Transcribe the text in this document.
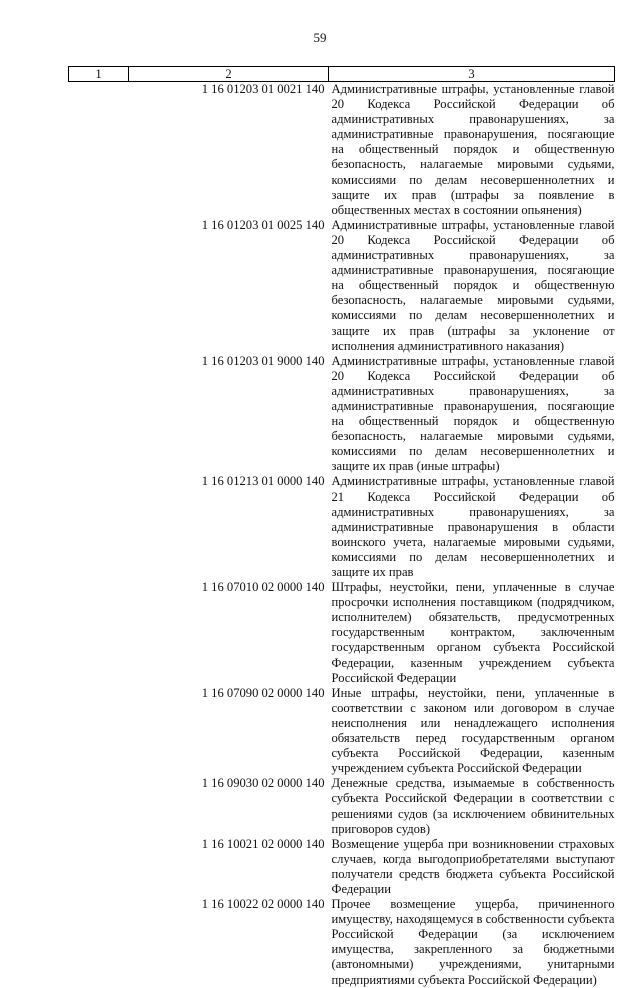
59
1	2	3
	1 16 01203 01 0021 140	Административные штрафы, установленные главой 20 Кодекса Российской Федерации об административных правонарушениях, за административные правонарушения, посягающие на общественный порядок и общественную безопасность, налагаемые мировыми судьями, комиссиями по делам несовершеннолетних и защите их прав (штрафы за появление в общественных местах в состоянии опьянения)
	1 16 01203 01 0025 140	Административные штрафы, установленные главой 20 Кодекса Российской Федерации об административных правонарушениях, за административные правонарушения, посягающие на общественный порядок и общественную безопасность, налагаемые мировыми судьями, комиссиями по делам несовершеннолетних и защите их прав (штрафы за уклонение от исполнения административного наказания)
	1 16 01203 01 9000 140	Административные штрафы, установленные главой 20 Кодекса Российской Федерации об административных правонарушениях, за административные правонарушения, посягающие на общественный порядок и общественную безопасность, налагаемые мировыми судьями, комиссиями по делам несовершеннолетних и защите их прав (иные штрафы)
	1 16 01213 01 0000 140	Административные штрафы, установленные главой 21 Кодекса Российской Федерации об административных правонарушениях, за административные правонарушения в области воинского учета, налагаемые мировыми судьями, комиссиями по делам несовершеннолетних и защите их прав
	1 16 07010 02 0000 140	Штрафы, неустойки, пени, уплаченные в случае просрочки исполнения поставщиком (подрядчиком, исполнителем) обязательств, предусмотренных государственным контрактом, заключенным государственным органом субъекта Российской Федерации, казенным учреждением субъекта Российской Федерации
	1 16 07090 02 0000 140	Иные штрафы, неустойки, пени, уплаченные в соответствии с законом или договором в случае неисполнения или ненадлежащего исполнения обязательств перед государственным органом субъекта Российской Федерации, казенным учреждением субъекта Российской Федерации
	1 16 09030 02 0000 140	Денежные средства, изымаемые в собственность субъекта Российской Федерации в соответствии с решениями судов (за исключением обвинительных приговоров судов)
	1 16 10021 02 0000 140	Возмещение ущерба при возникновении страховых случаев, когда выгодоприобретателями выступают получатели средств бюджета субъекта Российской Федерации
	1 16 10022 02 0000 140	Прочее возмещение ущерба, причиненного имуществу, находящемуся в собственности субъекта Российской Федерации (за исключением имущества, закрепленного за бюджетными (автономными) учреждениями, унитарными предприятиями субъекта Российской Федерации)
